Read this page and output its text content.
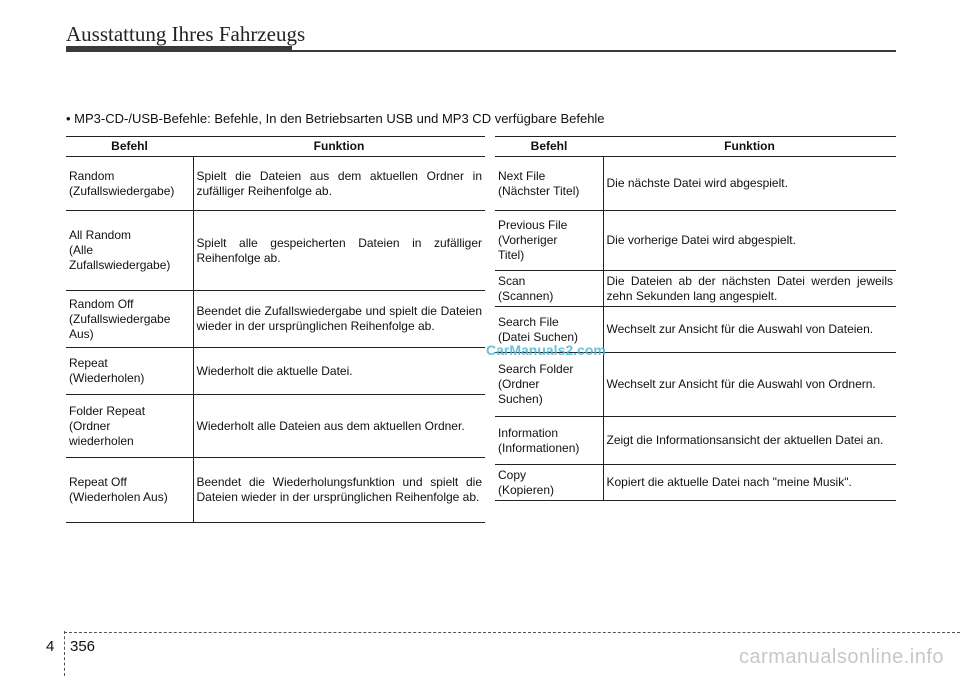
Ausstattung Ihres Fahrzeugs
• MP3-CD-/USB-Befehle: Befehle, In den Betriebsarten USB und MP3 CD verfügbare Befehle
Befehl	Funktion

Random
(Zufallswiedergabe)	Spielt die Dateien aus dem aktuellen Ordner in zufälliger Reihenfolge ab.

All Random
(Alle
Zufallswiedergabe)	Spielt alle gespeicherten Dateien in zufälliger Reihenfolge ab.

Random Off
(Zufallswiedergabe
Aus)	Beendet die Zufallswiedergabe und spielt die Dateien wieder in der ursprünglichen Reihenfolge ab.

Repeat
(Wiederholen)	Wiederholt die aktuelle Datei.

Folder Repeat
(Ordner
wiederholen	Wiederholt alle Dateien aus dem aktuellen Ordner.

Repeat Off
(Wiederholen Aus)	Beendet die Wiederholungsfunktion und spielt die Dateien wieder in der ursprünglichen Reihenfolge ab.
Befehl	Funktion

Next File
(Nächster Titel)	Die nächste Datei wird abgespielt.

Previous File
(Vorheriger
Titel)	Die vorherige Datei wird abgespielt.

Scan
(Scannen)	Die Dateien ab der nächsten Datei werden jeweils zehn Sekunden lang angespielt.

Search File
(Datei Suchen)	Wechselt zur Ansicht für die Auswahl von Dateien.

Search Folder
(Ordner
Suchen)	Wechselt zur Ansicht für die Auswahl von Ordnern.

Information
(Informationen)	Zeigt die Informationsansicht der aktuellen Datei an.

Copy
(Kopieren)	Kopiert die aktuelle Datei nach "meine Musik".
CarManuals2.com
4 356	carmanualsonline.info
